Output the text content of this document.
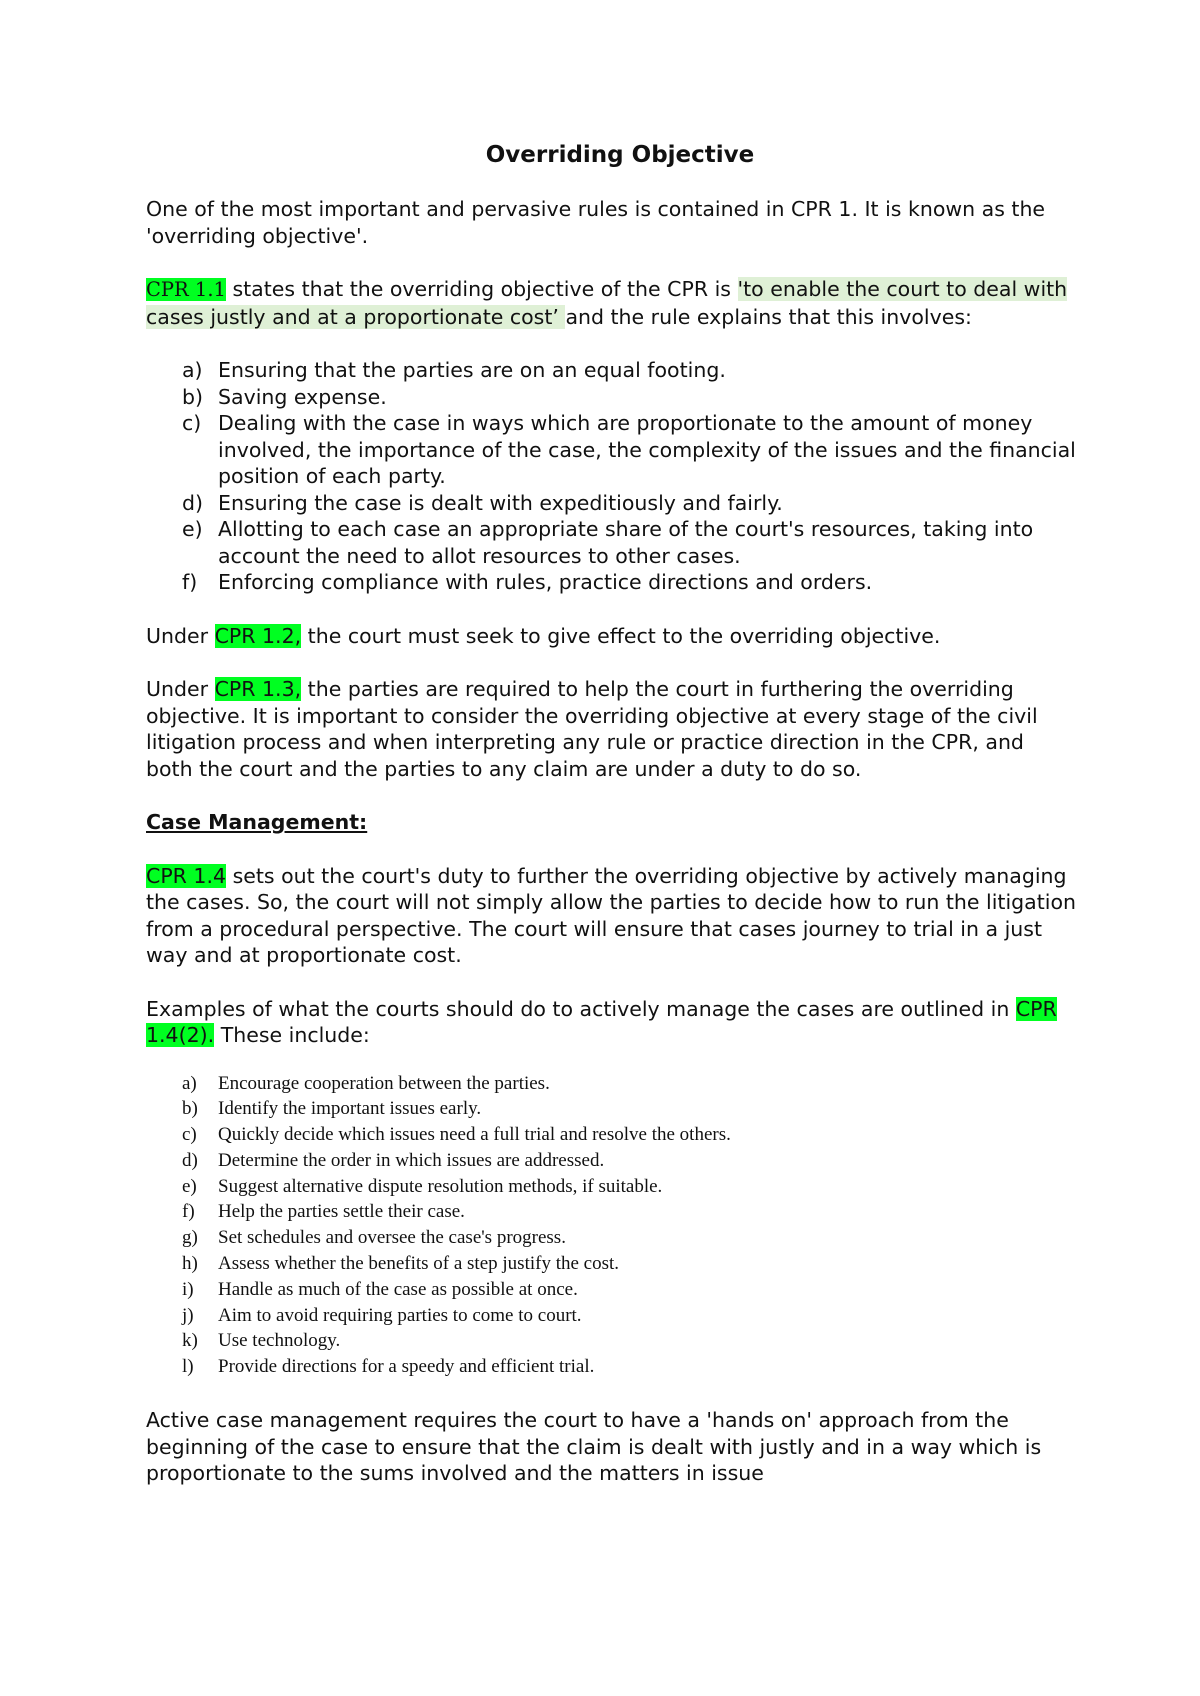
Overriding Objective

One of the most important and pervasive rules is contained in CPR 1. It is known as the 'overriding objective'.

CPR 1.1 states that the overriding objective of the CPR is 'to enable the court to deal with cases justly and at a proportionate cost’ and the rule explains that this involves:

a) Ensuring that the parties are on an equal footing.
b) Saving expense.
c) Dealing with the case in ways which are proportionate to the amount of money involved, the importance of the case, the complexity of the issues and the financial position of each party.
d) Ensuring the case is dealt with expeditiously and fairly.
e) Allotting to each case an appropriate share of the court's resources, taking into account the need to allot resources to other cases.
f) Enforcing compliance with rules, practice directions and orders.

Under CPR 1.2, the court must seek to give effect to the overriding objective.

Under CPR 1.3, the parties are required to help the court in furthering the overriding objective. It is important to consider the overriding objective at every stage of the civil litigation process and when interpreting any rule or practice direction in the CPR, and both the court and the parties to any claim are under a duty to do so.

Case Management:

CPR 1.4 sets out the court's duty to further the overriding objective by actively managing the cases. So, the court will not simply allow the parties to decide how to run the litigation from a procedural perspective. The court will ensure that cases journey to trial in a just way and at proportionate cost.

Examples of what the courts should do to actively manage the cases are outlined in CPR 1.4(2). These include:

a) Encourage cooperation between the parties.
b) Identify the important issues early.
c) Quickly decide which issues need a full trial and resolve the others.
d) Determine the order in which issues are addressed.
e) Suggest alternative dispute resolution methods, if suitable.
f) Help the parties settle their case.
g) Set schedules and oversee the case's progress.
h) Assess whether the benefits of a step justify the cost.
i) Handle as much of the case as possible at once.
j) Aim to avoid requiring parties to come to court.
k) Use technology.
l) Provide directions for a speedy and efficient trial.

Active case management requires the court to have a 'hands on' approach from the beginning of the case to ensure that the claim is dealt with justly and in a way which is proportionate to the sums involved and the matters in issue
